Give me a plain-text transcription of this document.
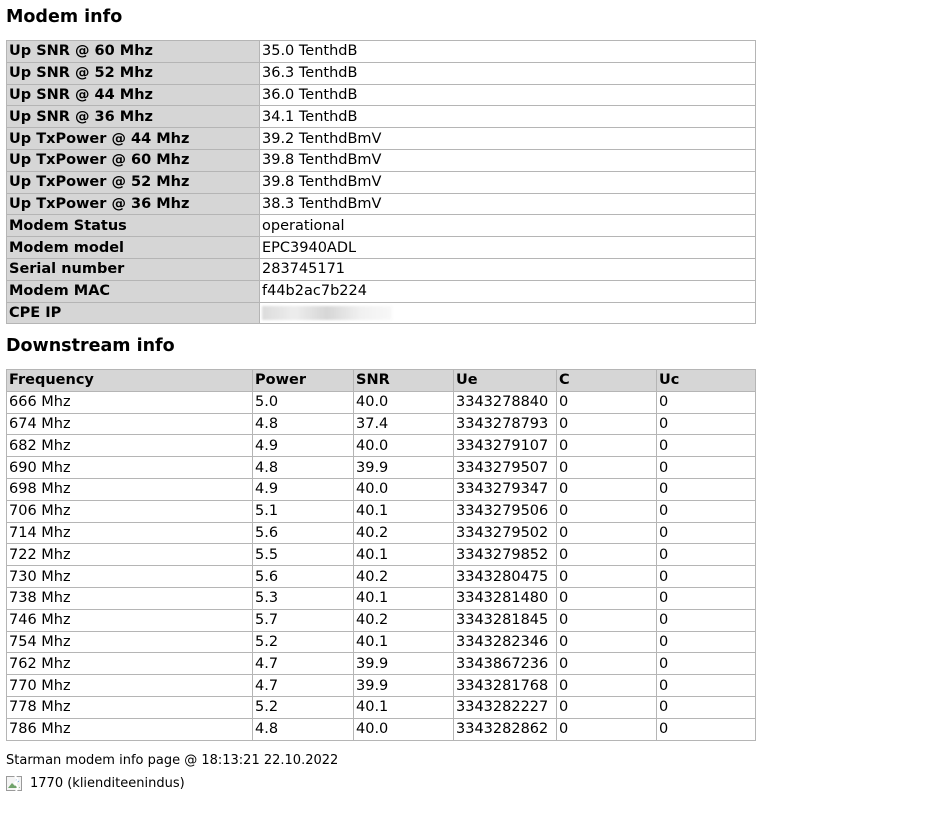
Modem info
Up SNR @ 60 Mhz	35.0 TenthdB
Up SNR @ 52 Mhz	36.3 TenthdB
Up SNR @ 44 Mhz	36.0 TenthdB
Up SNR @ 36 Mhz	34.1 TenthdB
Up TxPower @ 44 Mhz	39.2 TenthdBmV
Up TxPower @ 60 Mhz	39.8 TenthdBmV
Up TxPower @ 52 Mhz	39.8 TenthdBmV
Up TxPower @ 36 Mhz	38.3 TenthdBmV
Modem Status	operational
Modem model	EPC3940ADL
Serial number	283745171
Modem MAC	f44b2ac7b224
CPE IP	
Downstream info
Frequency	Power	SNR	Ue	C	Uc
666 Mhz	5.0	40.0	3343278840	0	0
674 Mhz	4.8	37.4	3343278793	0	0
682 Mhz	4.9	40.0	3343279107	0	0
690 Mhz	4.8	39.9	3343279507	0	0
698 Mhz	4.9	40.0	3343279347	0	0
706 Mhz	5.1	40.1	3343279506	0	0
714 Mhz	5.6	40.2	3343279502	0	0
722 Mhz	5.5	40.1	3343279852	0	0
730 Mhz	5.6	40.2	3343280475	0	0
738 Mhz	5.3	40.1	3343281480	0	0
746 Mhz	5.7	40.2	3343281845	0	0
754 Mhz	5.2	40.1	3343282346	0	0
762 Mhz	4.7	39.9	3343867236	0	0
770 Mhz	4.7	39.9	3343281768	0	0
778 Mhz	5.2	40.1	3343282227	0	0
786 Mhz	4.8	40.0	3343282862	0	0
Starman modem info page @ 18:13:21 22.10.2022
1770 (klienditeenindus)
